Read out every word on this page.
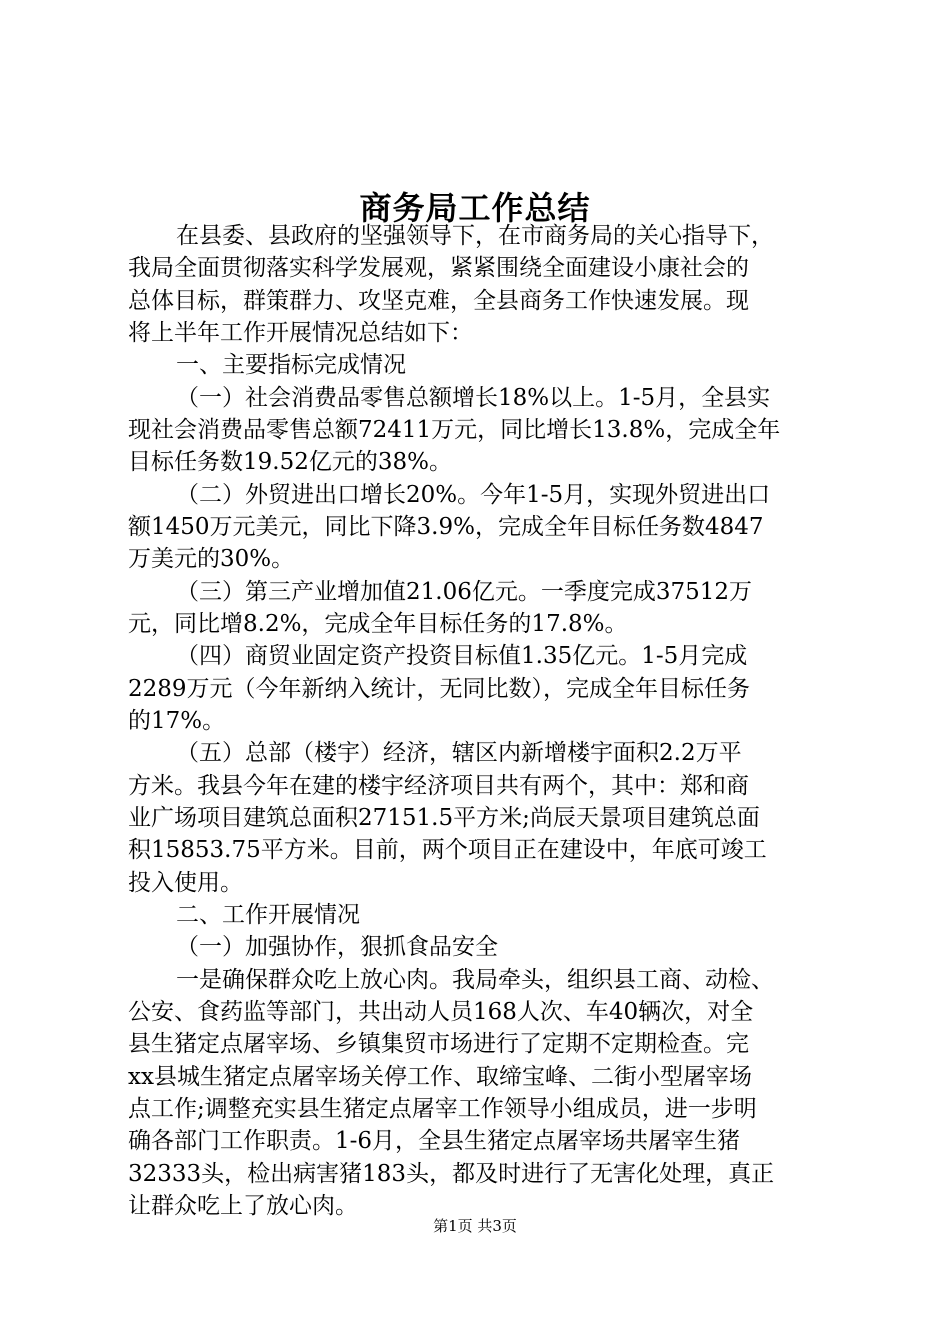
商务局工作总结
在县委、县政府的坚强领导下，在市商务局的关心指导下，
我局全面贯彻落实科学发展观，紧紧围绕全面建设小康社会的
总体目标，群策群力、攻坚克难，全县商务工作快速发展。现
将上半年工作开展情况总结如下：
一、主要指标完成情况
（一）社会消费品零售总额增长18%以上。1-5月，全县实
现社会消费品零售总额72411万元，同比增长13.8%，完成全年
目标任务数19.52亿元的38%。
（二）外贸进出口增长20%。今年1-5月，实现外贸进出口
额1450万元美元，同比下降3.9%，完成全年目标任务数4847
万美元的30%。
（三）第三产业增加值21.06亿元。一季度完成37512万
元，同比增8.2%，完成全年目标任务的17.8%。
（四）商贸业固定资产投资目标值1.35亿元。1-5月完成
2289万元（今年新纳入统计，无同比数），完成全年目标任务
的17%。
（五）总部（楼宇）经济，辖区内新增楼宇面积2.2万平
方米。我县今年在建的楼宇经济项目共有两个，其中：郑和商
业广场项目建筑总面积27151.5平方米;尚辰天景项目建筑总面
积15853.75平方米。目前，两个项目正在建设中，年底可竣工
投入使用。
二、工作开展情况
（一）加强协作，狠抓食品安全
一是确保群众吃上放心肉。我局牵头，组织县工商、动检、
公安、食药监等部门，共出动人员168人次、车40辆次，对全
县生猪定点屠宰场、乡镇集贸市场进行了定期不定期检查。完
xx县城生猪定点屠宰场关停工作、取缔宝峰、二街小型屠宰场
点工作;调整充实县生猪定点屠宰工作领导小组成员，进一步明
确各部门工作职责。1-6月，全县生猪定点屠宰场共屠宰生猪
32333头，检出病害猪183头，都及时进行了无害化处理，真正
让群众吃上了放心肉。
第1页 共3页
